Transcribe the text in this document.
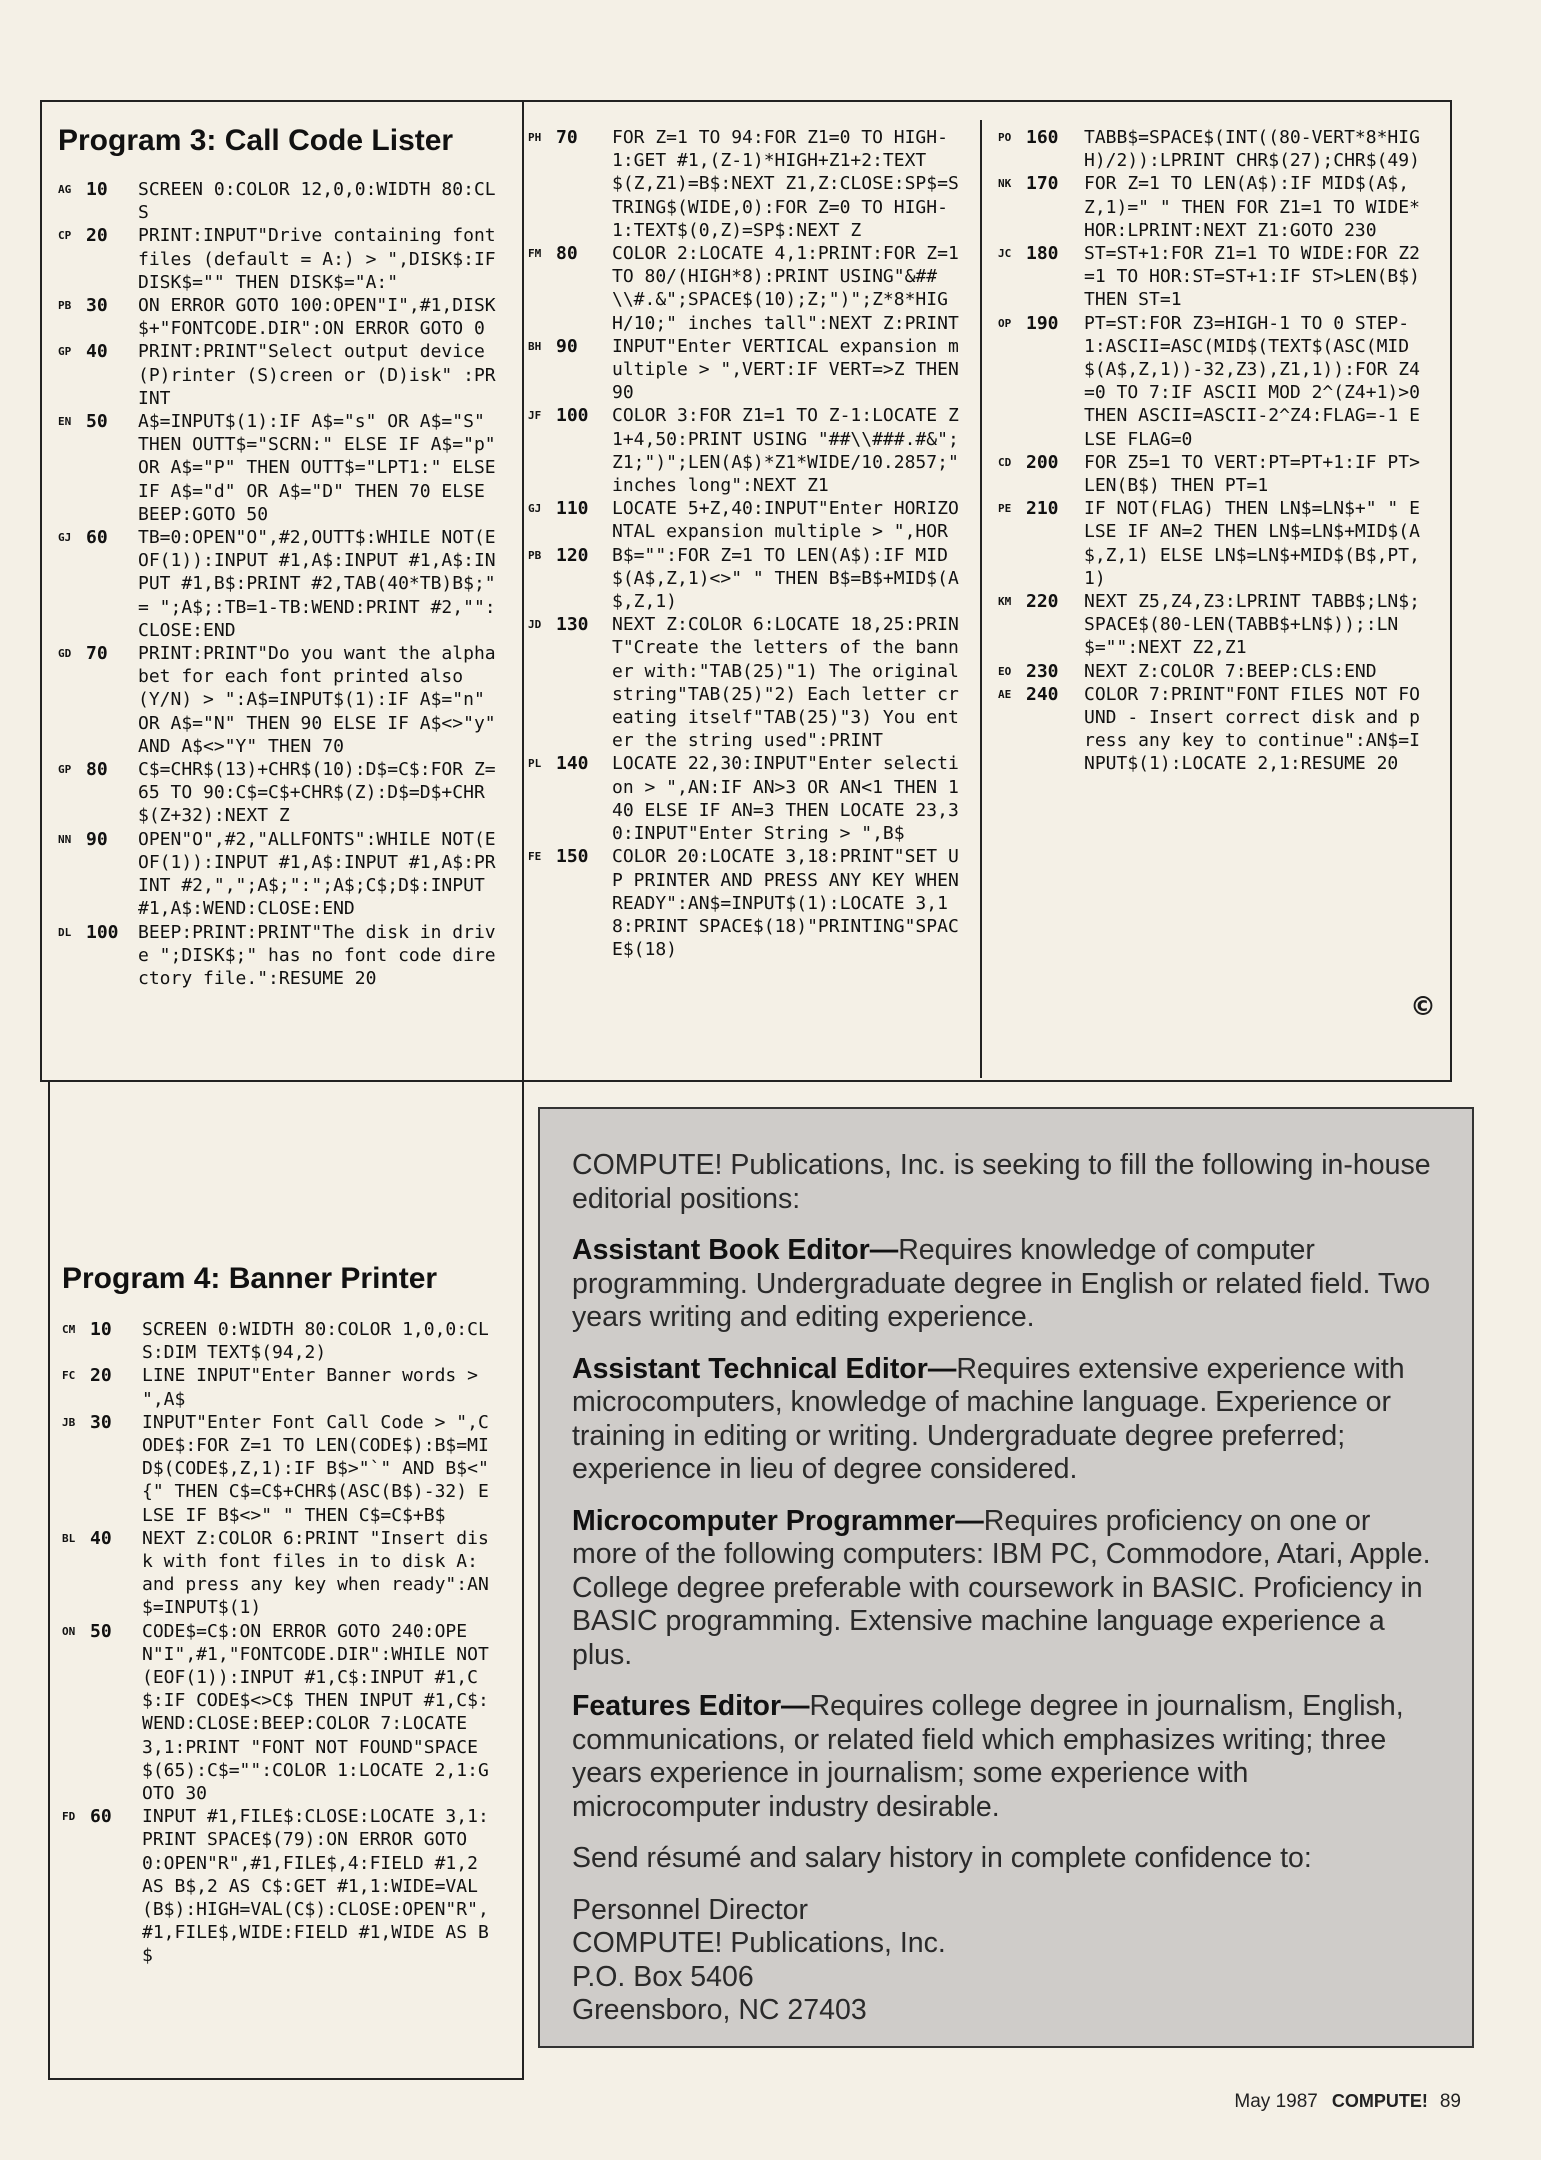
Program 3: Call Code Lister
AG 10	SCREEN 0:COLOR 12,0,0:WIDTH 80:CLS
CP 20	PRINT:INPUT"Drive containing font files (default = A:) > ",DISK$:IF DISK$="" THEN DISK$="A:"
PB 30	ON ERROR GOTO 100:OPEN"I",#1,DISK$+"FONTCODE.DIR":ON ERROR GOTO 0
GP 40	PRINT:PRINT"Select output device (P)rinter (S)creen or (D)isk" :PRINT
EN 50	A$=INPUT$(1):IF A$="s" OR A$="S" THEN OUTT$="SCRN:" ELSE IF A$="p" OR A$="P" THEN OUTT$="LPT1:" ELSE IF A$="d" OR A$="D" THEN 70 ELSE BEEP:GOTO 50
GJ 60	TB=0:OPEN"O",#2,OUTT$:WHILE NOT(EOF(1)):INPUT #1,A$:INPUT #1,A$:INPUT #1,B$:PRINT #2,TAB(40*TB)B$;" = ";A$;:TB=1-TB:WEND:PRINT #2,"":CLOSE:END
GD 70	PRINT:PRINT"Do you want the alphabet for each font printed also (Y/N) > ":A$=INPUT$(1):IF A$="n" OR A$="N" THEN 90 ELSE IF A$<>"y" AND A$<>"Y" THEN 70
GP 80	C$=CHR$(13)+CHR$(10):D$=C$:FOR Z=65 TO 90:C$=C$+CHR$(Z):D$=D$+CHR$(Z+32):NEXT Z
NN 90	OPEN"O",#2,"ALLFONTS":WHILE NOT(EOF(1)):INPUT #1,A$:INPUT #1,A$:PRINT #2,",";A$;":";A$;C$;D$:INPUT #1,A$:WEND:CLOSE:END
DL 100	BEEP:PRINT:PRINT"The disk in drive ";DISK$;" has no font code directory file.":RESUME 20
Program 4: Banner Printer
CM 10	SCREEN 0:WIDTH 80:COLOR 1,0,0:CLS:DIM TEXT$(94,2)
FC 20	LINE INPUT"Enter Banner words > ",A$
JB 30	INPUT"Enter Font Call Code > ",CODE$:FOR Z=1 TO LEN(CODE$):B$=MID$(CODE$,Z,1):IF B$>"`" AND B$<"{" THEN C$=C$+CHR$(ASC(B$)-32) ELSE IF B$<>" " THEN C$=C$+B$
BL 40	NEXT Z:COLOR 6:PRINT "Insert disk with font files in to disk A: and press any key when ready":AN$=INPUT$(1)
ON 50	CODE$=C$:ON ERROR GOTO 240:OPEN"I",#1,"FONTCODE.DIR":WHILE NOT(EOF(1)):INPUT #1,C$:INPUT #1,C$:IF CODE$<>C$ THEN INPUT #1,C$:WEND:CLOSE:BEEP:COLOR 7:LOCATE 3,1:PRINT "FONT NOT FOUND"SPACE$(65):C$="":COLOR 1:LOCATE 2,1:GOTO 30
FD 60	INPUT #1,FILE$:CLOSE:LOCATE 3,1:PRINT SPACE$(79):ON ERROR GOTO 0:OPEN"R",#1,FILE$,4:FIELD #1,2 AS B$,2 AS C$:GET #1,1:WIDE=VAL(B$):HIGH=VAL(C$):CLOSE:OPEN"R",#1,FILE$,WIDE:FIELD #1,WIDE AS B$
PH 70	FOR Z=1 TO 94:FOR Z1=0 TO HIGH-1:GET #1,(Z-1)*HIGH+Z1+2:TEXT$(Z,Z1)=B$:NEXT Z1,Z:CLOSE:SP$=STRING$(WIDE,0):FOR Z=0 TO HIGH-1:TEXT$(0,Z)=SP$:NEXT Z
FM 80	COLOR 2:LOCATE 4,1:PRINT:FOR Z=1 TO 80/(HIGH*8):PRINT USING"&##\\#.&";SPACE$(10);Z;")";Z*8*HIGH/10;" inches tall":NEXT Z:PRINT
BH 90	INPUT"Enter VERTICAL expansion multiple > ",VERT:IF VERT=>Z THEN 90
JF 100	COLOR 3:FOR Z1=1 TO Z-1:LOCATE Z1+4,50:PRINT USING "##\\###.#&";Z1;")";LEN(A$)*Z1*WIDE/10.2857;" inches long":NEXT Z1
GJ 110	LOCATE 5+Z,40:INPUT"Enter HORIZONTAL expansion multiple > ",HOR
PB 120	B$="":FOR Z=1 TO LEN(A$):IF MID$(A$,Z,1)<>" " THEN B$=B$+MID$(A$,Z,1)
JD 130	NEXT Z:COLOR 6:LOCATE 18,25:PRINT"Create the letters of the banner with:"TAB(25)"1) The original string"TAB(25)"2) Each letter creating itself"TAB(25)"3) You enter the string used":PRINT
PL 140	LOCATE 22,30:INPUT"Enter selection > ",AN:IF AN>3 OR AN<1 THEN 140 ELSE IF AN=3 THEN LOCATE 23,30:INPUT"Enter String > ",B$
FE 150	COLOR 20:LOCATE 3,18:PRINT"SET UP PRINTER AND PRESS ANY KEY WHEN READY":AN$=INPUT$(1):LOCATE 3,18:PRINT SPACE$(18)"PRINTING"SPACE$(18)
PO 160	TABB$=SPACE$(INT((80-VERT*8*HIGH)/2)):LPRINT CHR$(27);CHR$(49)
NK 170	FOR Z=1 TO LEN(A$):IF MID$(A$,Z,1)=" " THEN FOR Z1=1 TO WIDE*HOR:LPRINT:NEXT Z1:GOTO 230
JC 180	ST=ST+1:FOR Z1=1 TO WIDE:FOR Z2=1 TO HOR:ST=ST+1:IF ST>LEN(B$) THEN ST=1
OP 190	PT=ST:FOR Z3=HIGH-1 TO 0 STEP-1:ASCII=ASC(MID$(TEXT$(ASC(MID$(A$,Z,1))-32,Z3),Z1,1)):FOR Z4=0 TO 7:IF ASCII MOD 2^(Z4+1)>0 THEN ASCII=ASCII-2^Z4:FLAG=-1 ELSE FLAG=0
CD 200	FOR Z5=1 TO VERT:PT=PT+1:IF PT>LEN(B$) THEN PT=1
PE 210	IF NOT(FLAG) THEN LN$=LN$+" " ELSE IF AN=2 THEN LN$=LN$+MID$(A$,Z,1) ELSE LN$=LN$+MID$(B$,PT,1)
KM 220	NEXT Z5,Z4,Z3:LPRINT TABB$;LN$;SPACE$(80-LEN(TABB$+LN$));:LN$="":NEXT Z2,Z1
EO 230	NEXT Z:COLOR 7:BEEP:CLS:END
AE 240	COLOR 7:PRINT"FONT FILES NOT FOUND - Insert correct disk and press any key to continue":AN$=INPUT$(1):LOCATE 2,1:RESUME 20
©

COMPUTE! Publications, Inc. is seeking to fill the following in-house editorial positions:

Assistant Book Editor—Requires knowledge of computer programming. Undergraduate degree in English or related field. Two years writing and editing experience.

Assistant Technical Editor—Requires extensive experience with microcomputers, knowledge of machine language. Experience or training in editing or writing. Undergraduate degree preferred; experience in lieu of degree considered.

Microcomputer Programmer—Requires proficiency on one or more of the following computers: IBM PC, Commodore, Atari, Apple. College degree preferable with coursework in BASIC. Proficiency in BASIC programming. Extensive machine language experience a plus.

Features Editor—Requires college degree in journalism, English, communications, or related field which emphasizes writing; three years experience in journalism; some experience with microcomputer industry desirable.

Send résumé and salary history in complete confidence to:

Personnel Director
COMPUTE! Publications, Inc.
P.O. Box 5406
Greensboro, NC 27403
May 1987 COMPUTE! 89
